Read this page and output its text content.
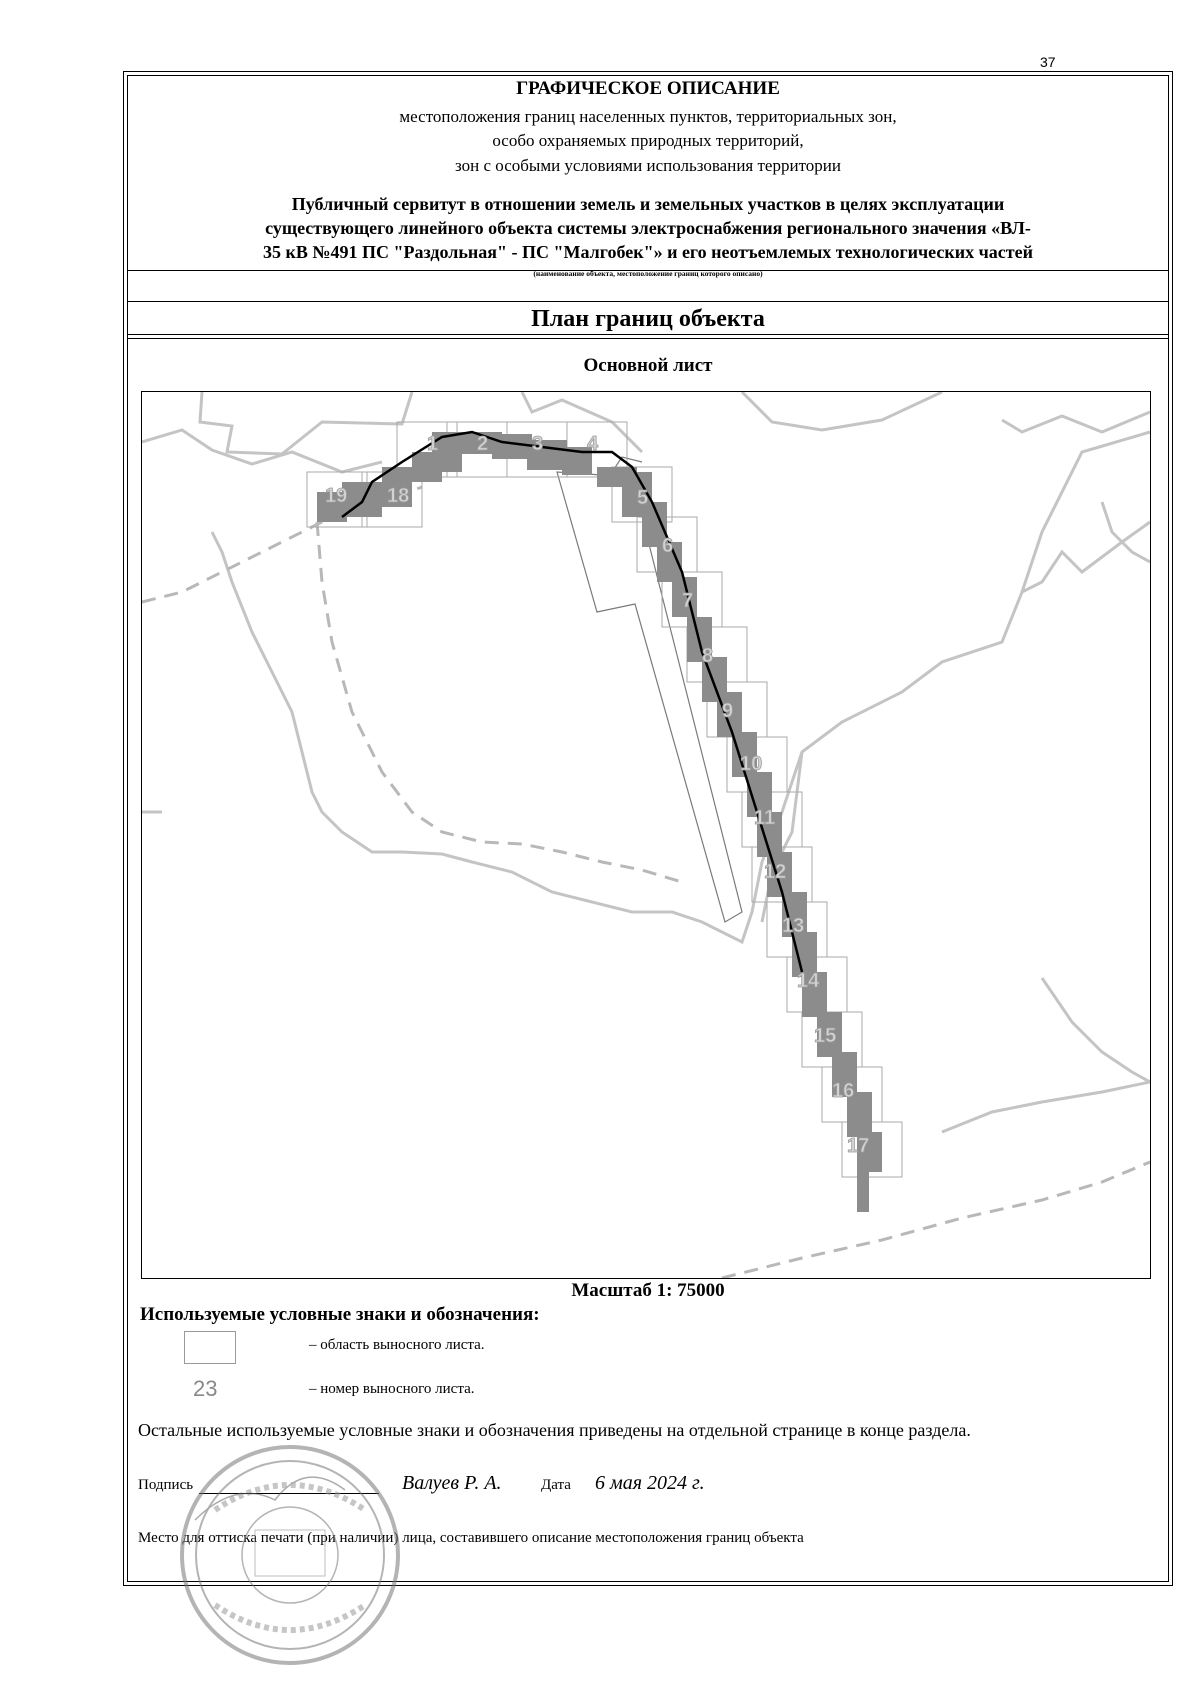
37
ГРАФИЧЕСКОЕ ОПИСАНИЕ
местоположения границ населенных пунктов, территориальных зон,
особо охраняемых природных территорий,
зон с особыми условиями использования территории
Публичный сервитут в отношении земель и земельных участков в целях эксплуатации
существующего линейного объекта системы электроснабжения регионального значения «ВЛ-
35 кВ №491 ПС "Раздольная" - ПС "Малгобек"» и его неотъемлемых технологических частей
(наименование объекта, местоположение границ которого описано)
План границ объекта
Основной лист
1 2 3 4
5
6
7
8
9
10
11
12
13
14
15
16
17
18
19
Масштаб 1: 75000
Используемые условные знаки и обозначения:
– область выносного листа.
23	– номер выносного листа.
Остальные используемые условные знаки и обозначения приведены на отдельной странице в конце раздела.
Подпись	Валуев Р. А.	Дата 6 мая 2024 г.
Место для оттиска печати (при наличии) лица, составившего описание местоположения границ объекта
